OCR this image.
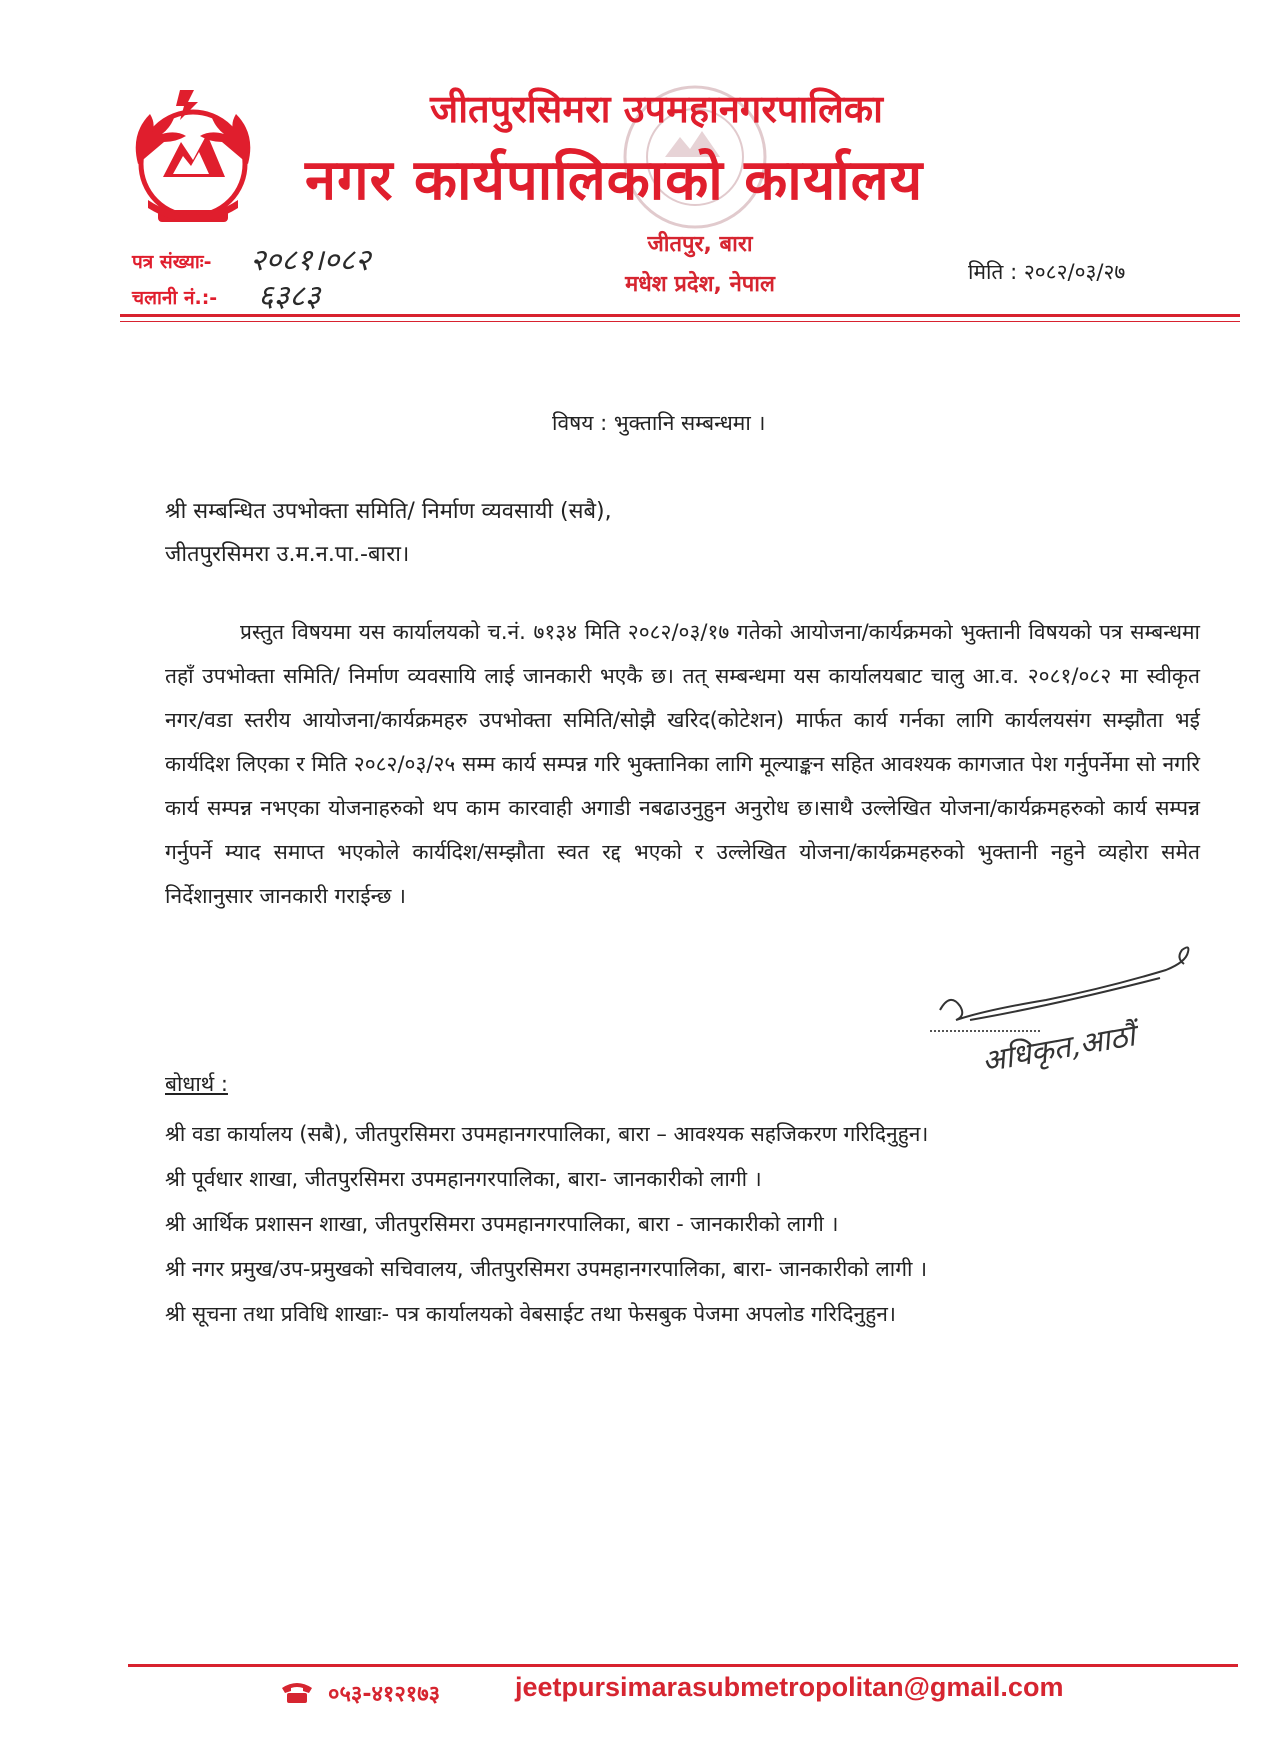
जीतपुरसिमरा उपमहानगरपालिका
नगर कार्यपालिकाको कार्यालय
जीतपुर, बारा
मधेश प्रदेश, नेपाल
पत्र संख्याः- २०८१।०८२
चलानी नं.:- ६३८३
मिति : २०८२/०३/२७
विषय : भुक्तानि सम्बन्धमा ।
श्री सम्बन्धित उपभोक्ता समिति/ निर्माण व्यवसायी (सबै),
जीतपुरसिमरा उ.म.न.पा.-बारा।

प्रस्तुत विषयमा यस कार्यालयको च.नं. ७१३४ मिति २०८२/०३/१७ गतेको आयोजना/कार्यक्रमको भुक्तानी विषयको पत्र सम्बन्धमा तहाँ उपभोक्ता समिति/ निर्माण व्यवसायि लाई जानकारी भएकै छ। तत् सम्बन्धमा यस कार्यालयबाट चालु आ.व. २०८१/०८२ मा स्वीकृत नगर/वडा स्तरीय आयोजना/कार्यक्रमहरु उपभोक्ता समिति/सोझै खरिद(कोटेशन) मार्फत कार्य गर्नका लागि कार्यलयसंग सम्झौता भई कार्यदिश लिएका र मिति २०८२/०३/२५ सम्म कार्य सम्पन्न गरि भुक्तानिका लागि मूल्याङ्कन सहित आवश्यक कागजात पेश गर्नुपर्नेमा सो नगरि कार्य सम्पन्न नभएका योजनाहरुको थप काम कारवाही अगाडी नबढाउनुहुन अनुरोध छ।साथै उल्लेखित योजना/कार्यक्रमहरुको कार्य सम्पन्न गर्नुपर्ने म्याद समाप्त भएकोले कार्यदिश/सम्झौता स्वत रद्द भएको र उल्लेखित योजना/कार्यक्रमहरुको भुक्तानी नहुने व्यहोरा समेत निर्देशानुसार जानकारी गराईन्छ ।

अधिकृत,आठौं
बोधार्थ :
श्री वडा कार्यालय (सबै), जीतपुरसिमरा उपमहानगरपालिका, बारा – आवश्यक सहजिकरण गरिदिनुहुन।
श्री पूर्वधार शाखा, जीतपुरसिमरा उपमहानगरपालिका, बारा- जानकारीको लागी ।
श्री आर्थिक प्रशासन शाखा, जीतपुरसिमरा उपमहानगरपालिका, बारा - जानकारीको लागी ।
श्री नगर प्रमुख/उप-प्रमुखको सचिवालय, जीतपुरसिमरा उपमहानगरपालिका, बारा- जानकारीको लागी ।
श्री सूचना तथा प्रविधि शाखाः- पत्र कार्यालयको वेबसाईट तथा फेसबुक पेजमा अपलोड गरिदिनुहुन।
०५३-४१२१७३	jeetpursimarasubmetropolitan@gmail.com
